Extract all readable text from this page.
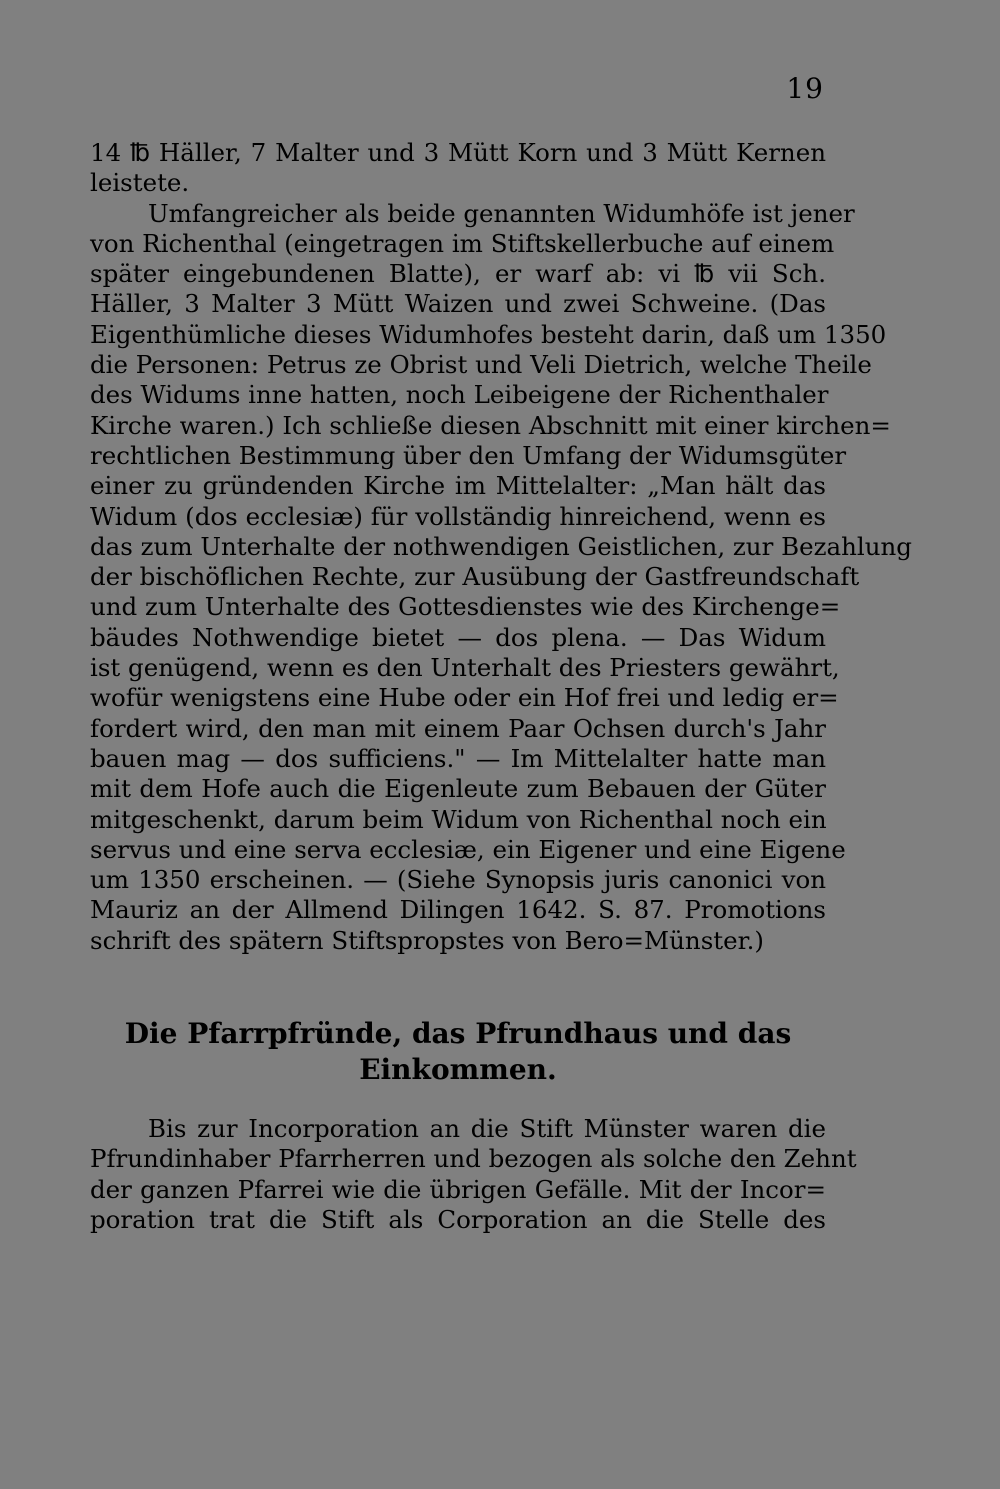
19
14 ℔ Häller, 7 Malter und 3 Mütt Korn und 3 Mütt Kernen
leistete.
Umfangreicher als beide genannten Widumhöfe ist jener
von Richenthal (eingetragen im Stiftskellerbuche auf einem
später eingebundenen Blatte), er warf ab: vi ℔ vii Sch.
Häller, 3 Malter 3 Mütt Waizen und zwei Schweine. (Das
Eigenthümliche dieses Widumhofes besteht darin, daß um 1350
die Personen: Petrus ze Obrist und Veli Dietrich, welche Theile
des Widums inne hatten, noch Leibeigene der Richenthaler
Kirche waren.) Ich schließe diesen Abschnitt mit einer kirchen=
rechtlichen Bestimmung über den Umfang der Widumsgüter
einer zu gründenden Kirche im Mittelalter: „Man hält das
Widum (dos ecclesiæ) für vollständig hinreichend, wenn es
das zum Unterhalte der nothwendigen Geistlichen, zur Bezahlung
der bischöflichen Rechte, zur Ausübung der Gastfreundschaft
und zum Unterhalte des Gottesdienstes wie des Kirchenge=
bäudes Nothwendige bietet — dos plena. — Das Widum
ist genügend, wenn es den Unterhalt des Priesters gewährt,
wofür wenigstens eine Hube oder ein Hof frei und ledig er=
fordert wird, den man mit einem Paar Ochsen durch's Jahr
bauen mag — dos sufficiens." — Im Mittelalter hatte man
mit dem Hofe auch die Eigenleute zum Bebauen der Güter
mitgeschenkt, darum beim Widum von Richenthal noch ein
servus und eine serva ecclesiæ, ein Eigener und eine Eigene
um 1350 erscheinen. — (Siehe Synopsis juris canonici von
Mauriz an der Allmend Dilingen 1642. S. 87. Promotions
schrift des spätern Stiftspropstes von Bero=Münster.)
Die Pfarrpfründe, das Pfrundhaus und das
Einkommen.
Bis zur Incorporation an die Stift Münster waren die
Pfrundinhaber Pfarrherren und bezogen als solche den Zehnt
der ganzen Pfarrei wie die übrigen Gefälle. Mit der Incor=
poration trat die Stift als Corporation an die Stelle des
